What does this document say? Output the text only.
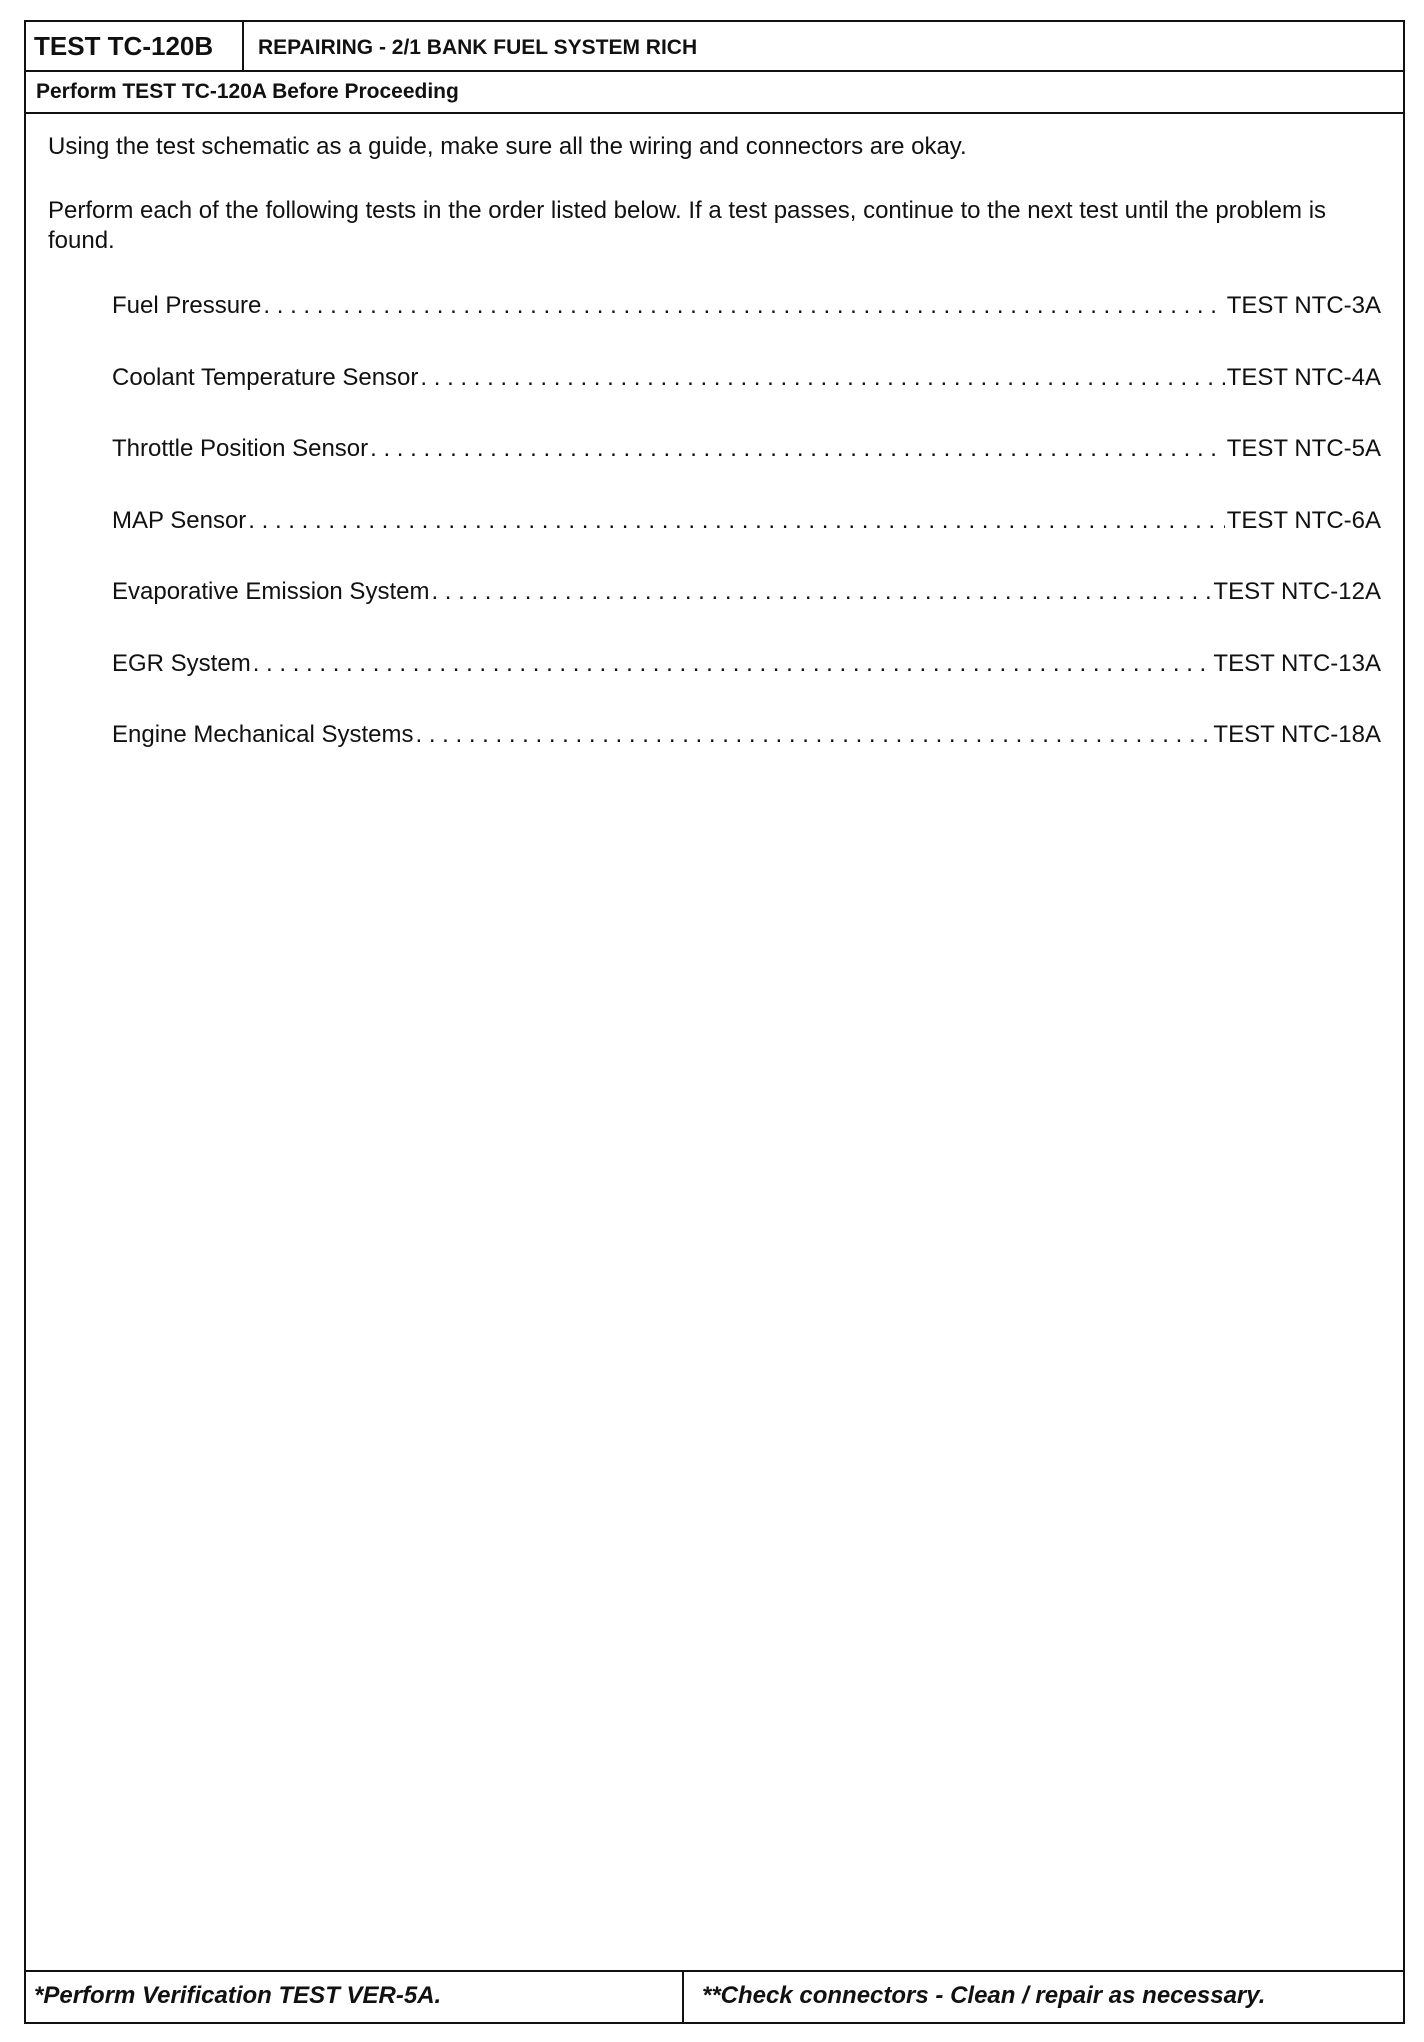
TEST TC-120B	REPAIRING - 2/1 BANK FUEL SYSTEM RICH
Perform TEST TC-120A Before Proceeding

Using the test schematic as a guide, make sure all the wiring and connectors are okay.

Perform each of the following tests in the order listed below. If a test passes, continue to the next test until the problem is found.

Fuel Pressure . . .	TEST NTC-3A
Coolant Temperature Sensor . . .	TEST NTC-4A
Throttle Position Sensor . . .	TEST NTC-5A
MAP Sensor . . .	TEST NTC-6A
Evaporative Emission System . . .	TEST NTC-12A
EGR System . . .	TEST NTC-13A
Engine Mechanical Systems . . .	TEST NTC-18A
*Perform Verification TEST VER-5A.	**Check connectors - Clean / repair as necessary.
